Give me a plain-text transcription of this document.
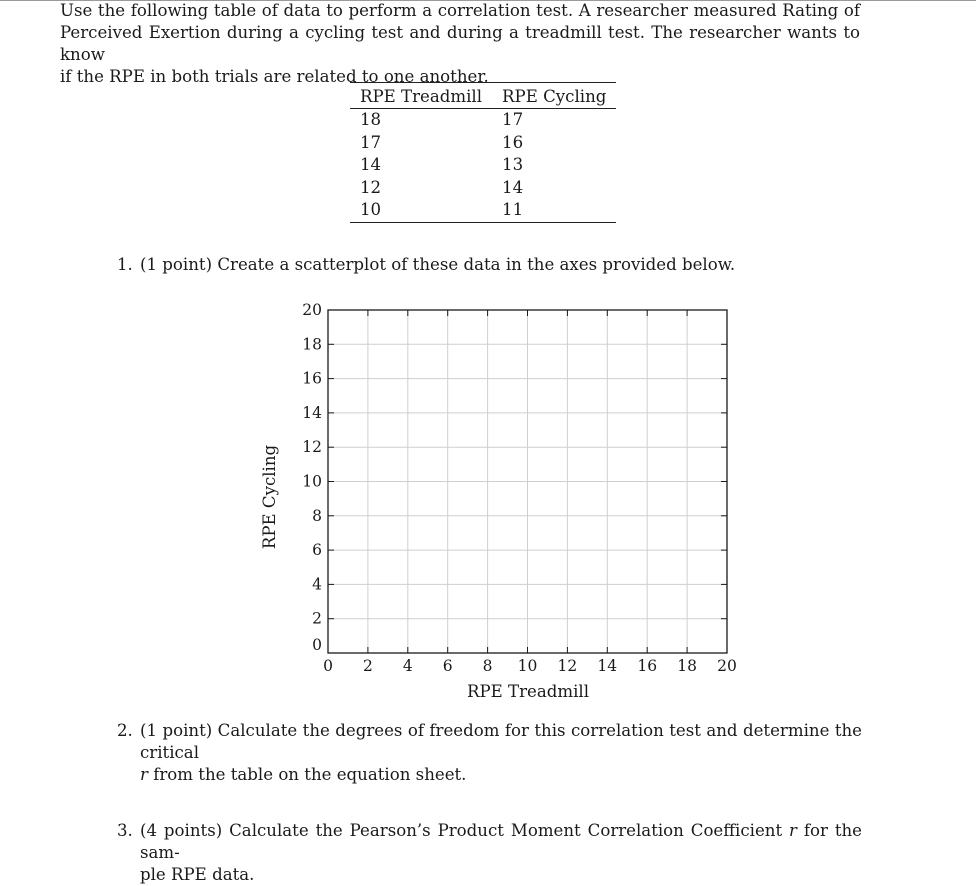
Use the following table of data to perform a correlation test. A researcher measured Rating of
Perceived Exertion during a cycling test and during a treadmill test. The researcher wants to know
if the RPE in both trials are related to one another.

RPE Treadmill	RPE Cycling
18	17
17	16
14	13
12	14
10	11
1. (1 point) Create a scatterplot of these data in the axes provided below.
0 2 4 6 8 10 12 14 16 18 20
0
2
4
6
8
10
12
14
16
18
20
RPE Treadmill
RPE Cycling
2. (1 point) Calculate the degrees of freedom for this correlation test and determine the critical
r from the table on the equation sheet.
3. (4 points) Calculate the Pearson’s Product Moment Correlation Coefficient r for the sam-
ple RPE data.
